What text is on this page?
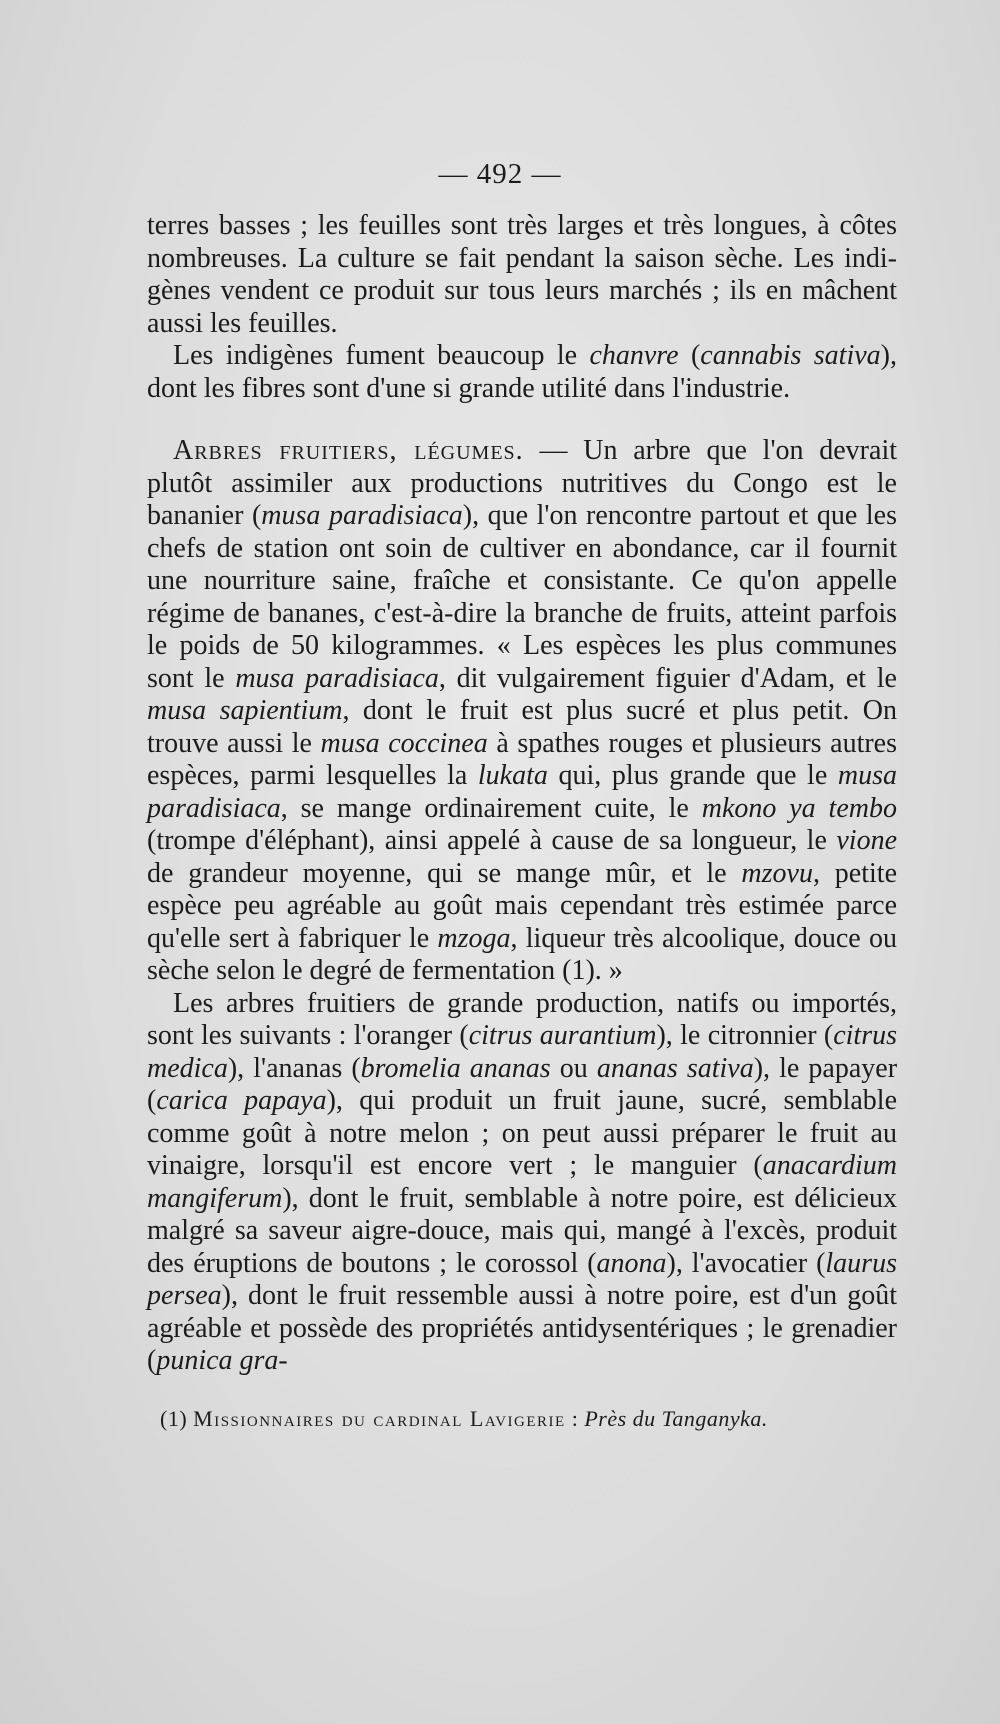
— 492 —

terres basses ; les feuilles sont très larges et très longues, à côtes nombreuses. La culture se fait pendant la saison sèche. Les indi- gènes vendent ce produit sur tous leurs marchés ; ils en mâchent aussi les feuilles.

Les indigènes fument beaucoup le chanvre (cannabis sativa), dont les fibres sont d'une si grande utilité dans l'industrie.

Arbres fruitiers, légumes. — Un arbre que l'on devrait plutôt assimiler aux productions nutritives du Congo est le bananier (musa paradisiaca), que l'on rencontre partout et que les chefs de station ont soin de cultiver en abondance, car il fournit une nourriture saine, fraîche et consistante. Ce qu'on appelle régime de bananes, c'est-à-dire la branche de fruits, atteint parfois le poids de 50 kilogrammes. « Les espèces les plus communes sont le musa paradisiaca, dit vulgairement figuier d'Adam, et le musa sapientium, dont le fruit est plus sucré et plus petit. On trouve aussi le musa coccinea à spathes rouges et plusieurs autres espèces, parmi lesquelles la lukata qui, plus grande que le musa paradisiaca, se mange ordinairement cuite, le mkono ya tembo (trompe d'éléphant), ainsi appelé à cause de sa longueur, le vione de grandeur moyenne, qui se mange mûr, et le mzovu, petite espèce peu agréable au goût mais cependant très estimée parce qu'elle sert à fabriquer le mzoga, liqueur très alcoolique, douce ou sèche selon le degré de fermentation (1). »

Les arbres fruitiers de grande production, natifs ou importés, sont les suivants : l'oranger (citrus aurantium), le citronnier (citrus medica), l'ananas (bromelia ananas ou ananas sativa), le papayer (carica papaya), qui produit un fruit jaune, sucré, semblable comme goût à notre melon ; on peut aussi préparer le fruit au vinaigre, lorsqu'il est encore vert ; le manguier (anacardium mangiferum), dont le fruit, semblable à notre poire, est délicieux malgré sa saveur aigre-douce, mais qui, mangé à l'excès, produit des éruptions de boutons ; le corossol (anona), l'avocatier (laurus persea), dont le fruit ressemble aussi à notre poire, est d'un goût agréable et possède des propriétés antidysentériques ; le grenadier (punica gra-

(1) Missionnaires du cardinal Lavigerie : Près du Tanganyka.
